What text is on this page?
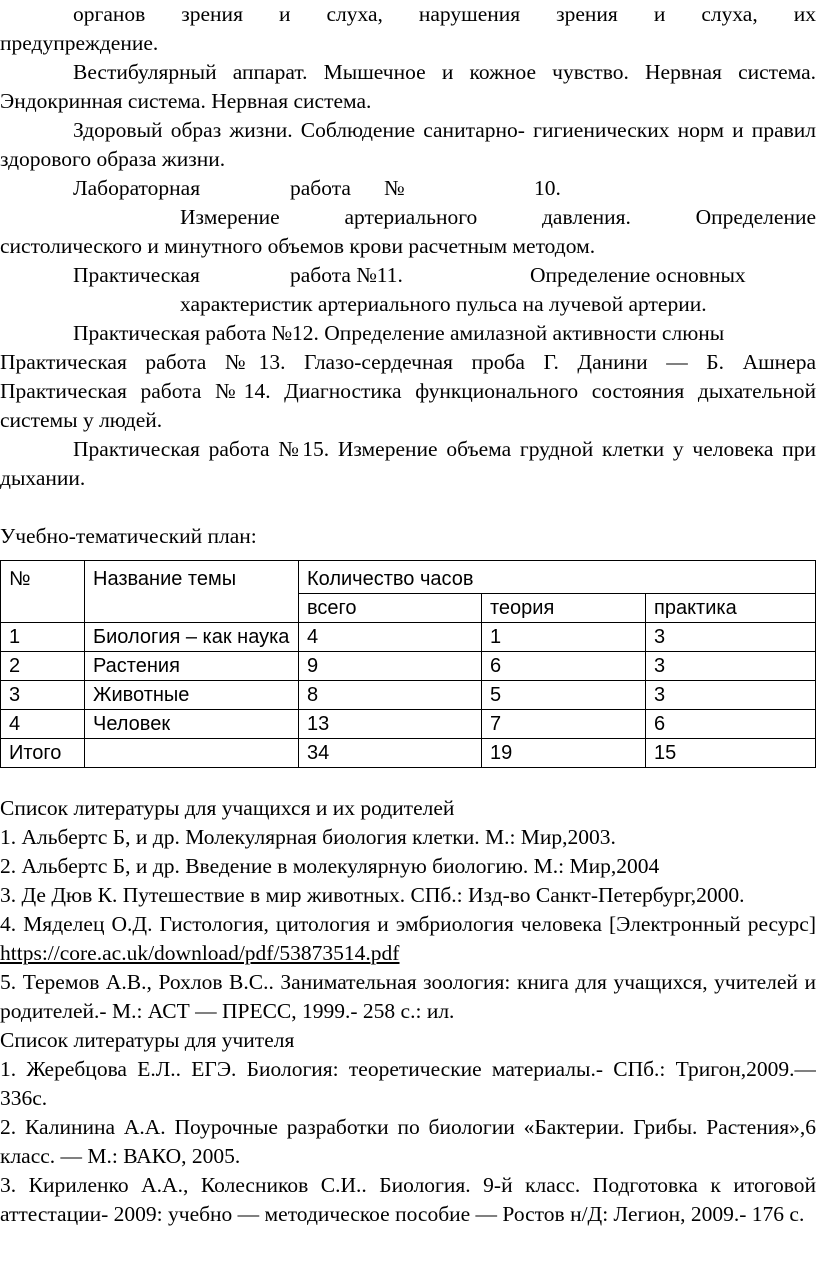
органов зрения и слуха, нарушения зрения и слуха, их
предупреждение.

Вестибулярный аппарат. Мышечное и кожное чувство. Нервная система. Эндокринная система. Нервная система.

Здоровый образ жизни. Соблюдение санитарно- гигиенических норм и правил здорового образа жизни.

Лабораторная	работа	№	10.

Измерение артериального давления. Определение
систолического и минутного объемов крови расчетным методом.

Практическая	работа №11.	Определение основных

характеристик артериального пульса на лучевой артерии.

Практическая работа №12. Определение амилазной активности слюны

Практическая работа №13. Глазо-сердечная проба Г. Данини — Б. Ашнера Практическая работа №14. Диагностика функционального состояния дыхательной системы у людей.

Практическая работа №15. Измерение объема грудной клетки у человека при дыхании.

Учебно-тематический план:

№	Название темы	Количество часов		
		всего	теория	практика
1	Биология – как наука	4	1	3
2	Растения	9	6	3
3	Животные	8	5	3
4	Человек	13	7	6
Итого		34	19	15

Список литературы для учащихся и их родителей

1. Альбертс Б, и др. Молекулярная биология клетки. М.: Мир,2003.

2. Альбертс Б, и др. Введение в молекулярную биологию. М.: Мир,2004

3. Де Дюв К. Путешествие в мир животных. СПб.: Изд-во Санкт-Петербург,2000.

4. Мяделец О.Д. Гистология, цитология и эмбриология человека [Электронный ресурс] https://core.ac.uk/download/pdf/53873514.pdf

5. Теремов А.В., Рохлов В.С.. Занимательная зоология: книга для учащихся, учителей и родителей.- М.: АСТ — ПРЕСС, 1999.- 258 с.: ил.

Список литературы для учителя

1. Жеребцова Е.Л.. ЕГЭ. Биология: теоретические материалы.- СПб.: Тригон,2009.—336с.

2. Калинина А.А. Поурочные разработки по биологии «Бактерии. Грибы. Растения»,6 класс. — М.: ВАКО, 2005.

3. Кириленко А.А., Колесников С.И.. Биология. 9-й класс. Подготовка к итоговой аттестации- 2009: учебно — методическое пособие — Ростов н/Д: Легион, 2009.- 176 с.
